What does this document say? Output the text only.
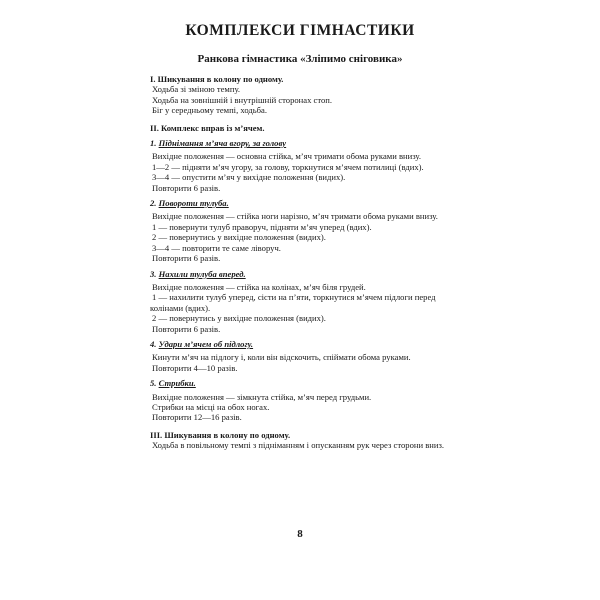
КОМПЛЕКСИ ГІМНАСТИКИ
Ранкова гімнастика «Зліпимо сніговика»
I. Шикування в колону по одному.
Ходьба зі зміною темпу.
Ходьба на зовнішній і внутрішній сторонах стоп.
Біг у середньому темпі, ходьба.
II. Комплекс вправ із м’ячем.
1. Піднімання м’яча вгору, за голову
Вихідне положення — основна стійка, м’яч тримати обома руками внизу.
1—2 — підняти м’яч угору, за голову, торкнутися м’ячем потилиці (вдих).
3—4 — опустити м’яч у вихідне положення (видих).
Повторити 6 разів.
2. Повороти тулуба.
Вихідне положення — стійка ноги нарізно, м’яч тримати обома руками внизу.
1 — повернути тулуб праворуч, підняти м’яч уперед (вдих).
2 — повернутись у вихідне положення (видих).
3—4 — повторити те саме ліворуч.
Повторити 6 разів.
3. Нахили тулуба вперед.
Вихідне положення — стійка на колінах, м’яч біля грудей.
1 — нахилити тулуб уперед, сісти на п’яти, торкнутися м’ячем підлоги перед колінами (вдих).
2 — повернутись у вихідне положення (видих).
Повторити 6 разів.
4. Удари м’ячем об підлогу.
Кинути м’яч на підлогу і, коли він відскочить, спіймати обома руками.
Повторити 4—10 разів.
5. Стрибки.
Вихідне положення — зімкнута стійка, м’яч перед грудьми.
Стрибки на місці на обох ногах.
Повторити 12—16 разів.
III. Шикування в колону по одному.
Ходьба в повільному темпі з підніманням і опусканням рук через сторони вниз.
8
